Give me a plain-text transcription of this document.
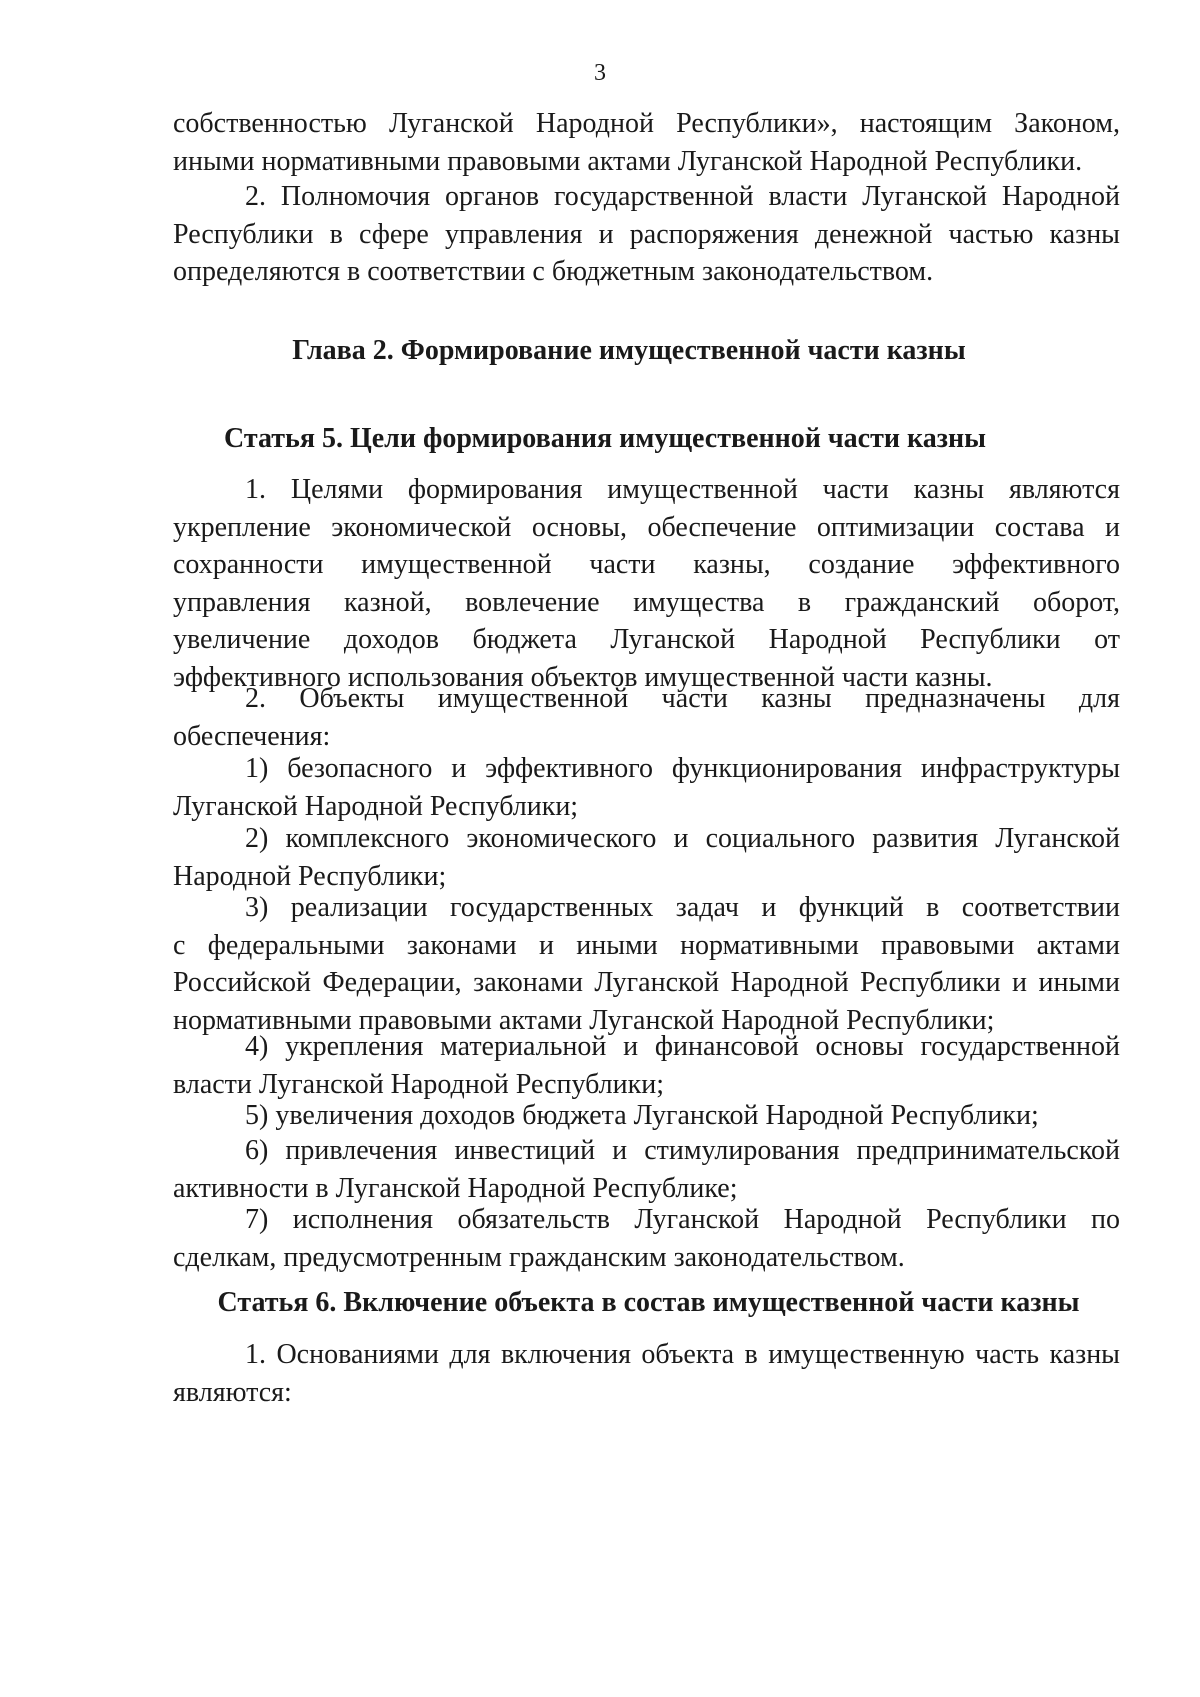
3
собственностью Луганской Народной Республики», настоящим Законом,
иными нормативными правовыми актами Луганской Народной Республики.
2. Полномочия органов государственной власти Луганской Народной
Республики в сфере управления и распоряжения денежной частью казны
определяются в соответствии с бюджетным законодательством.
Глава 2. Формирование имущественной части казны
Статья 5. Цели формирования имущественной части казны
1. Целями формирования имущественной части казны являются
укрепление экономической основы, обеспечение оптимизации состава и
сохранности имущественной части казны, создание эффективного
управления казной, вовлечение имущества в гражданский оборот,
увеличение доходов бюджета Луганской Народной Республики от
эффективного использования объектов имущественной части казны.
2. Объекты имущественной части казны предназначены для
обеспечения:
1) безопасного и эффективного функционирования инфраструктуры
Луганской Народной Республики;
2) комплексного экономического и социального развития Луганской
Народной Республики;
3) реализации государственных задач и функций в соответствии
с федеральными законами и иными нормативными правовыми актами
Российской Федерации, законами Луганской Народной Республики и иными
нормативными правовыми актами Луганской Народной Республики;
4) укрепления материальной и финансовой основы государственной
власти Луганской Народной Республики;
5) увеличения доходов бюджета Луганской Народной Республики;
6) привлечения инвестиций и стимулирования предпринимательской
активности в Луганской Народной Республике;
7) исполнения обязательств Луганской Народной Республики по
сделкам, предусмотренным гражданским законодательством.
Статья 6. Включение объекта в состав имущественной части казны
1. Основаниями для включения объекта в имущественную часть казны
являются:
